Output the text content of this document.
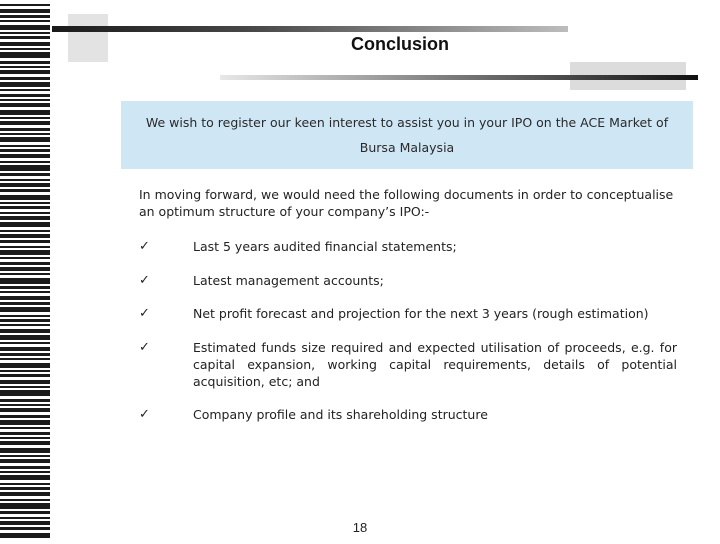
Conclusion
We wish to register our keen interest to assist you in your IPO on the ACE Market of
Bursa Malaysia
In moving forward, we would need the following documents in order to conceptualise an optimum structure of your company’s IPO:-
✓	Last 5 years audited financial statements;
✓	Latest management accounts;
✓	Net profit forecast and projection for the next 3 years (rough estimation)
✓	Estimated funds size required and expected utilisation of proceeds, e.g. for capital expansion, working capital requirements, details of potential acquisition, etc; and
✓	Company profile and its shareholding structure
18
